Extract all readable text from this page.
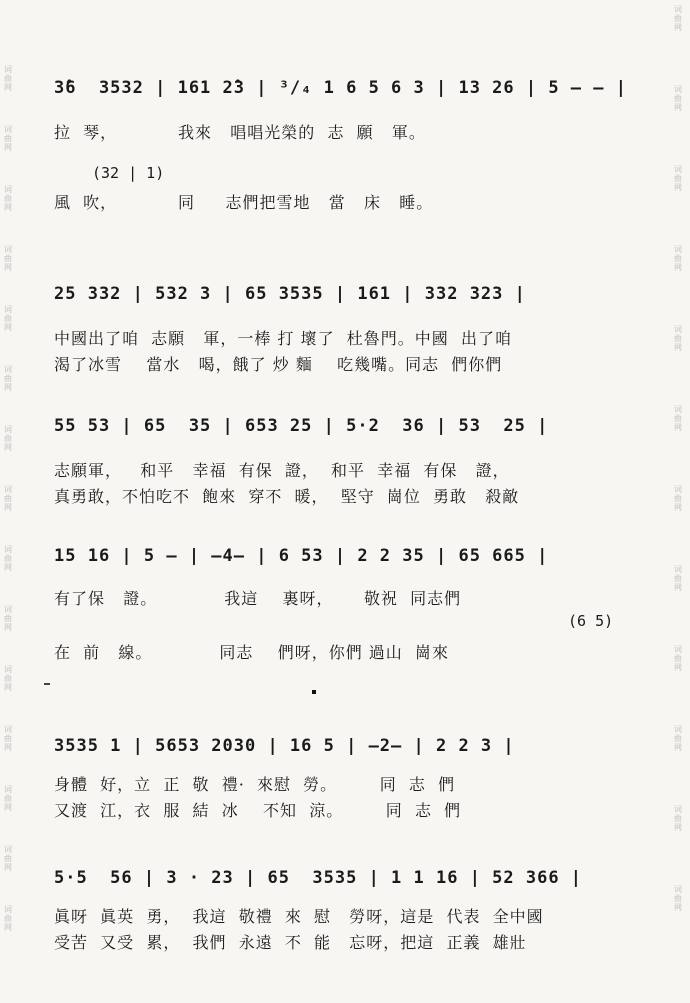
词曲网
词曲网
词曲网
词曲网
词曲网
词曲网
词曲网
词曲网
词曲网
词曲网
词曲网
词曲网
词曲网
词曲网
词曲网
词曲网
词曲网
词曲网
词曲网
词曲网
词曲网
词曲网
词曲网
词曲网
词曲网
词曲网
词曲网
3̂6  3532 | 161 2̂3 | ³/₄ 1 6 5 6 3 | 13 26 | 5 — — |
拉  琴，          我來   唱唱光榮的  志  願   軍。
(32 | 1)
風  吹，          同     志們把雪地   當   床   睡。
25 332 | 532 3 | 65 3535 | 161 | 332 323 |
中國出了咱  志願   軍，一棒 打 壞了  杜魯門。中國  出了咱
渴了冰雪    當水   喝，餓了 炒 麵    吃幾嘴。同志  們你們
55 53 | 65  35 | 653 25 | 5·2  36 | 53  25 |
志願軍，   和平   幸福  有保  證，  和平  幸福  有保   證，
真勇敢，不怕吃不  飽來  穿不  暖，  堅守  崗位  勇敢   殺敵
15 16 | 5 — | —4— | 6 53 | 2 2 35 | 65 665 |
有了保   證。           我這    裏呀，     敬祝  同志們
(6 5)
在  前   線。           同志    們呀，你們 過山  崗來
3535 1 | 5653 2030 | 16 5 | —2— | 2 2 3 |
身體  好，立  正  敬  禮·  來慰  勞。       同  志  們
又渡  江，衣  服  結  冰    不知  涼。       同  志  們
5·5  56 | 3 · 23 | 65  3535 | 1 1 16 | 52 366 |
眞呀  眞英  勇，  我這  敬禮  來  慰   勞呀，這是  代表  全中國
受苦  又受  累，  我們  永遠  不  能   忘呀，把這  正義  雄壯
